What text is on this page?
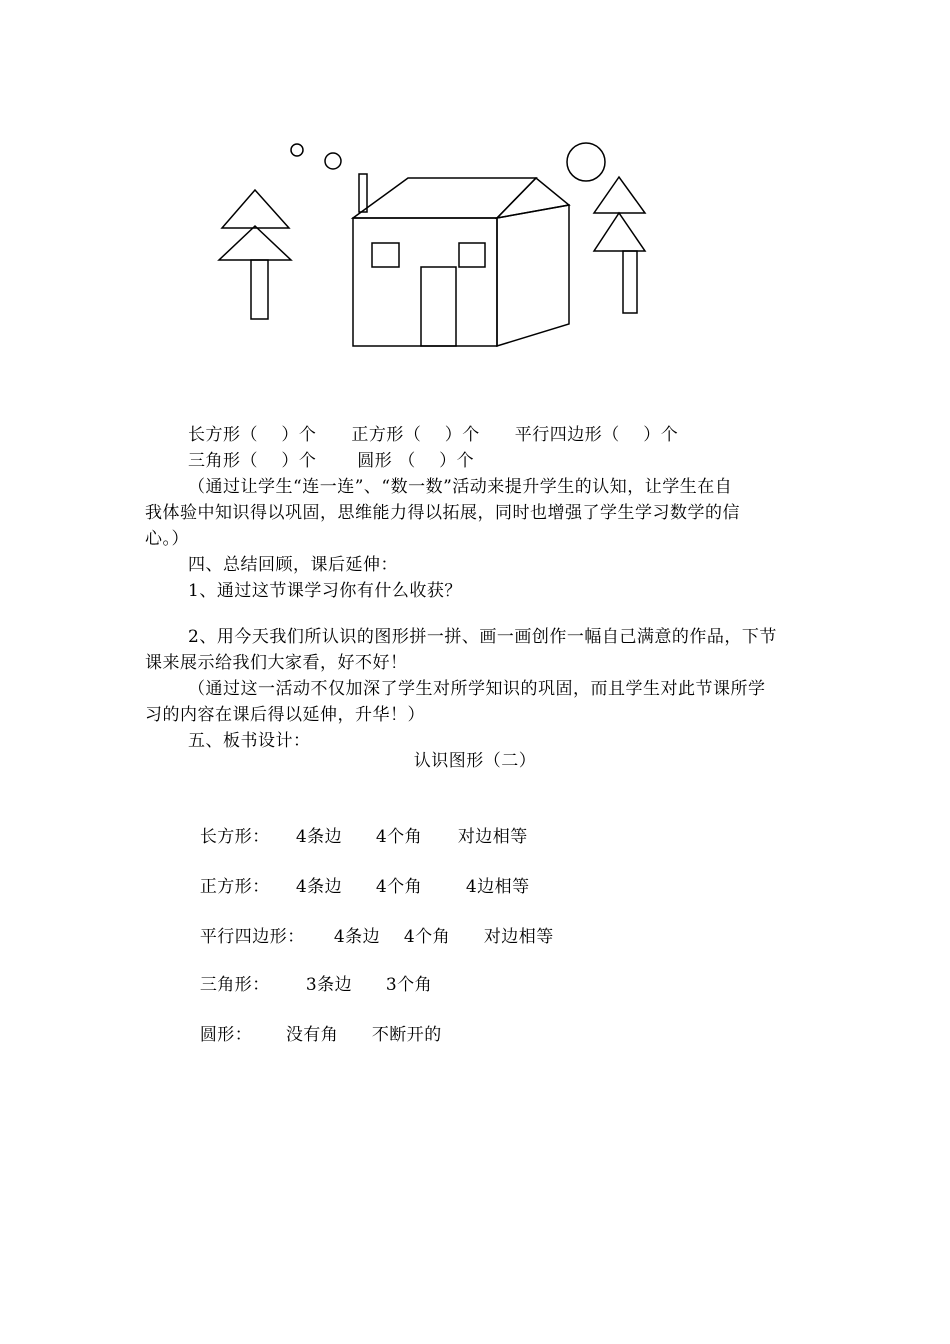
长方形（　 ）个　　正方形（　 ）个　　平行四边形（　 ）个
三角形（　 ）个　　 圆形 （　 ）个
（通过让学生“连一连”、“数一数”活动来提升学生的认知，让学生在自
我体验中知识得以巩固，思维能力得以拓展，同时也增强了学生学习数学的信
心。）
四、总结回顾，课后延伸：
1、通过这节课学习你有什么收获？
2、用今天我们所认识的图形拼一拼、画一画创作一幅自己满意的作品，下节
课来展示给我们大家看，好不好！
（通过这一活动不仅加深了学生对所学知识的巩固，而且学生对此节课所学
习的内容在课后得以延伸，升华！）
五、板书设计：
认识图形（二）

长方形： 4条边 4个角 对边相等

正方形： 4条边 4个角	4边相等

平行四边形： 4条边 4个角 对边相等

三角形： 3条边 3个角

圆形： 没有角 不断开的
